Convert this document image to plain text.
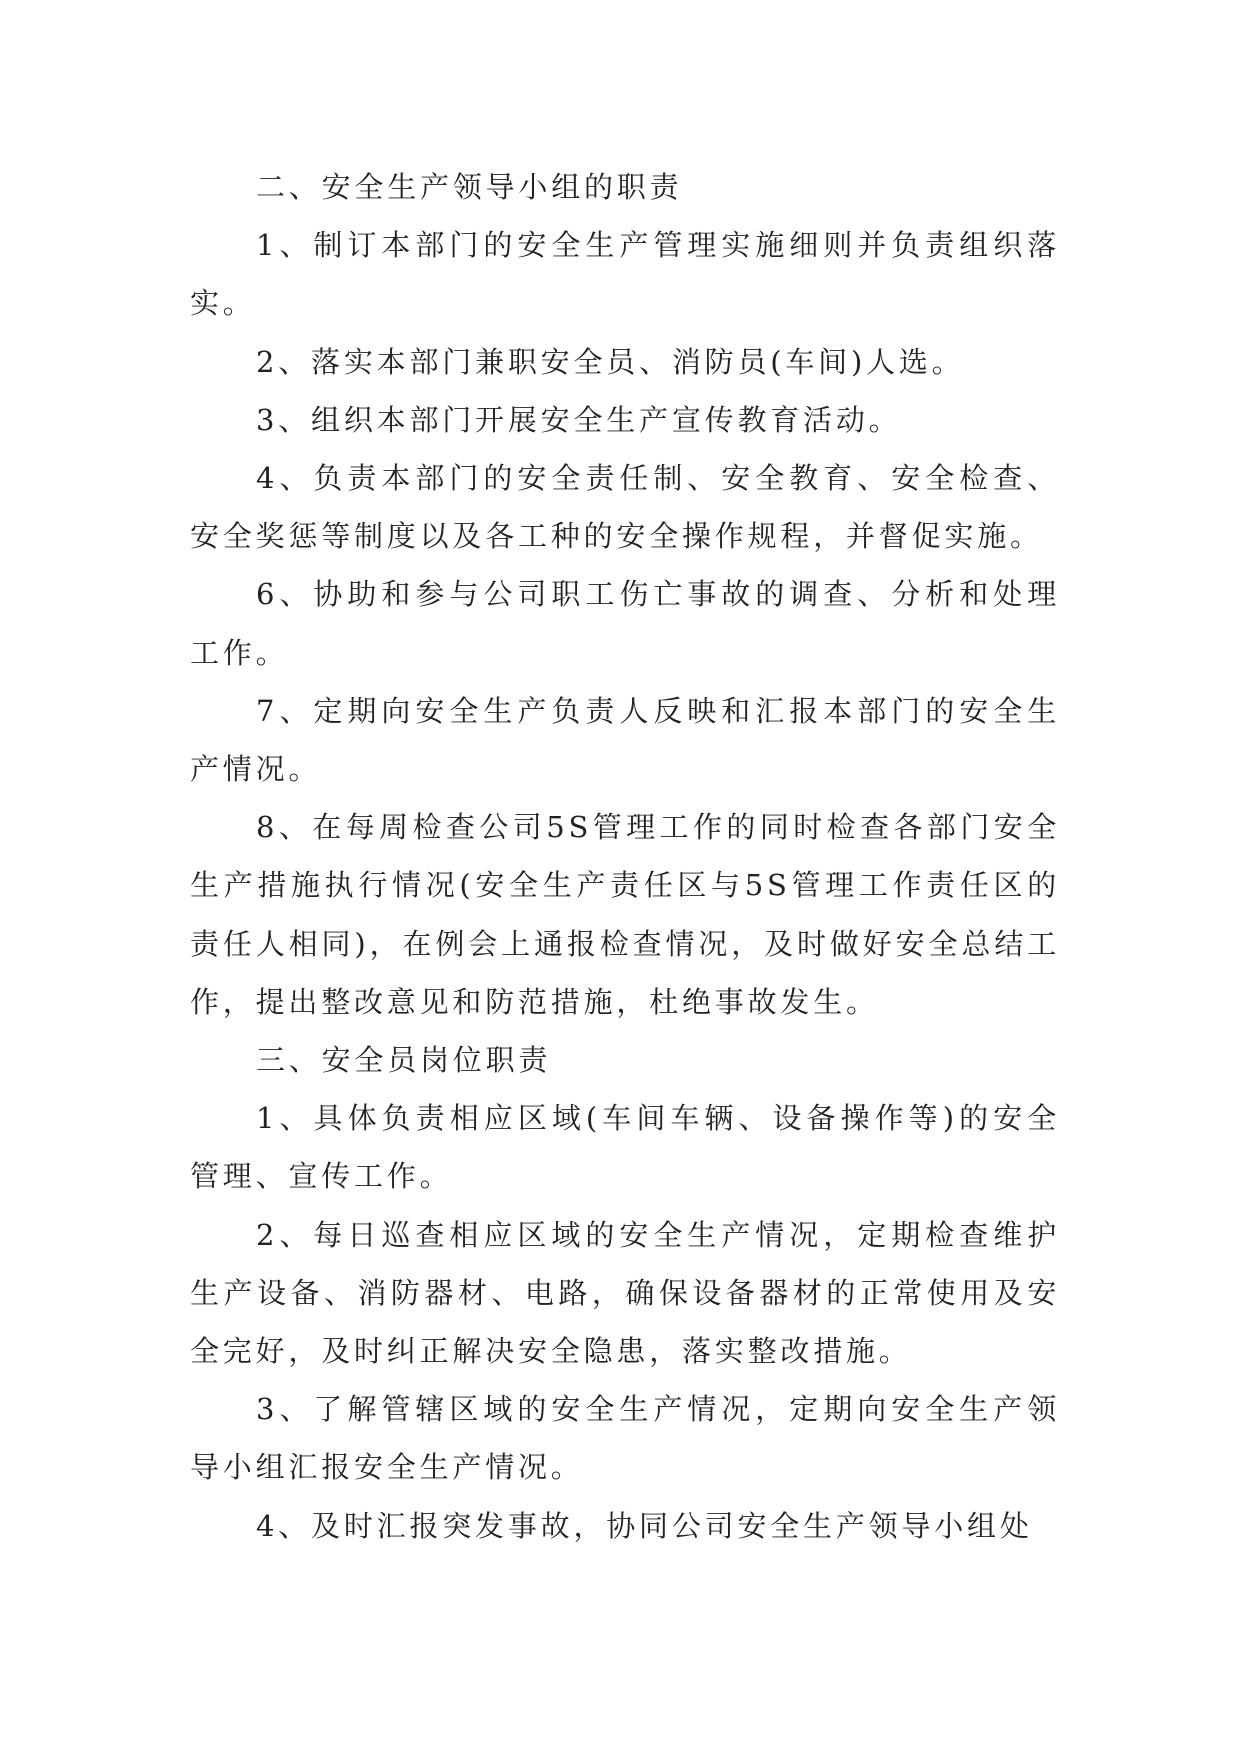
二、安全生产领导小组的职责

1、制订本部门的安全生产管理实施细则并负责组织落实。

2、落实本部门兼职安全员、消防员(车间)人选。

3、组织本部门开展安全生产宣传教育活动。

4、负责本部门的安全责任制、安全教育、安全检查、安全奖惩等制度以及各工种的安全操作规程，并督促实施。

6、协助和参与公司职工伤亡事故的调查、分析和处理工作。

7、定期向安全生产负责人反映和汇报本部门的安全生产情况。

8、在每周检查公司5S管理工作的同时检查各部门安全生产措施执行情况(安全生产责任区与5S管理工作责任区的责任人相同)，在例会上通报检查情况，及时做好安全总结工作，提出整改意见和防范措施，杜绝事故发生。

三、安全员岗位职责

1、具体负责相应区域(车间车辆、设备操作等)的安全管理、宣传工作。

2、每日巡查相应区域的安全生产情况，定期检查维护生产设备、消防器材、电路，确保设备器材的正常使用及安全完好，及时纠正解决安全隐患，落实整改措施。

3、了解管辖区域的安全生产情况，定期向安全生产领导小组汇报安全生产情况。

4、及时汇报突发事故，协同公司安全生产领导小组处
